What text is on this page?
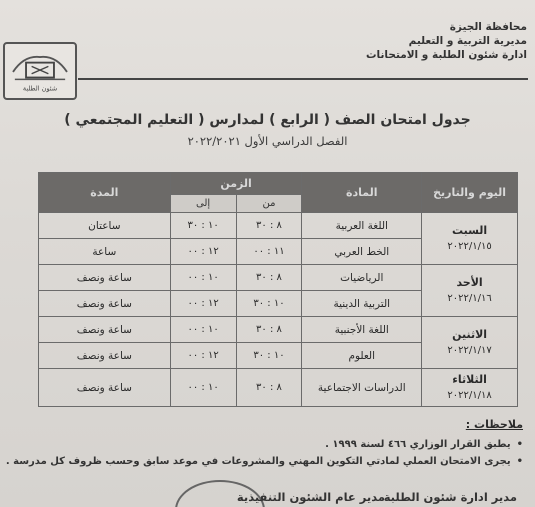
محافظة الجيزة
مديرية التربية و التعليم
ادارة شئون الطلبة و الامتحانات
شئون الطلبة
جدول امتحان الصف ( الرابع ) لمدارس ( التعليم المجتمعي )
الفصل الدراسي الأول ٢٠٢٢/٢٠٢١
اليوم والتاريخ	المادة	الزمن		المدة
		من	إلى	

السبت
٢٠٢٢/١/١٥	اللغة العربية	٨ : ٣٠	١٠ : ٣٠	ساعتان
	الخط العربي	١١ : ٠٠	١٢ : ٠٠	ساعة

الأحد
٢٠٢٢/١/١٦	الرياضيات	٨ : ٣٠	١٠ : ٠٠	ساعة ونصف
	التربية الدينية	١٠ : ٣٠	١٢ : ٠٠	ساعة ونصف

الاثنين
٢٠٢٢/١/١٧	اللغة الأجنبية	٨ : ٣٠	١٠ : ٠٠	ساعة ونصف
	العلوم	١٠ : ٣٠	١٢ : ٠٠	ساعة ونصف

الثلاثاء
٢٠٢٢/١/١٨	الدراسات الاجتماعية	٨ : ٣٠	١٠ : ٠٠	ساعة ونصف
ملاحظات :
• يطبق القرار الوزاري ٤٦٦ لسنة ١٩٩٩ .
• يجرى الامتحان العملي لمادتي التكوين المهني والمشروعات في موعد سابق وحسب ظروف كل مدرسة .
مدير ادارة شئون الطلبة
مدير عام الشئون التنفيذية
